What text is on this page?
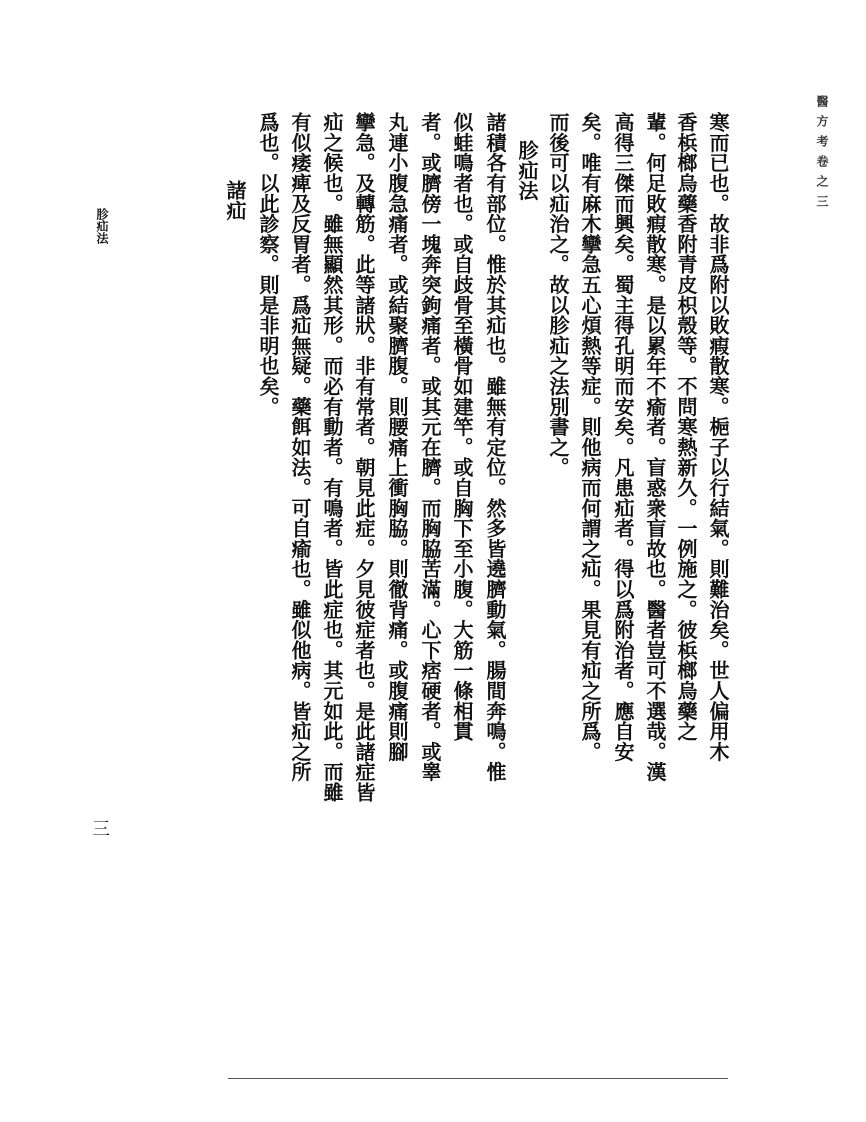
醫方考卷之三
寒而已也。故非爲附以敗瘕散寒。梔子以行結氣。則難治矣。世人偏用木
香梹榔烏藥香附青皮枳殼等。不問寒熱新久。一例施之。彼梹榔烏藥之
輩。何足敗瘕散寒。是以累年不瘉者。盲惑衆盲故也。醫者豈可不選哉。漢
高得三傑而興矣。蜀主得孔明而安矣。凡患疝者。得以爲附治者。應自安
矣。唯有麻木攣急五心煩熱等症。則他病而何謂之疝。果見有疝之所爲。
而後可以疝治之。故以胗疝之法別書之。
胗疝法
諸積各有部位。惟於其疝也。雖無有定位。然多皆遶臍動氣。腸間奔鳴。惟
似蛙鳴者也。或自歧骨至橫骨如建竿。或自胸下至小腹。大筋一條相貫
者。或臍傍一塊奔突鉤痛者。或其元在臍。而胸脇苦滿。心下痞硬者。或睾
丸連小腹急痛者。或結聚臍腹。則腰痛上衝胸脇。則徹背痛。或腹痛則腳
攣急。及轉筋。此等諸狀。非有常者。朝見此症。夕見彼症者也。是此諸症皆
疝之候也。雖無顯然其形。而必有動者。有鳴者。皆此症也。其元如此。而雖
有似痿痺及反胃者。爲疝無疑。藥餌如法。可自瘉也。雖似他病。皆疝之所
爲也。以此診察。則是非明也矣。
諸疝
胗疝法
三
